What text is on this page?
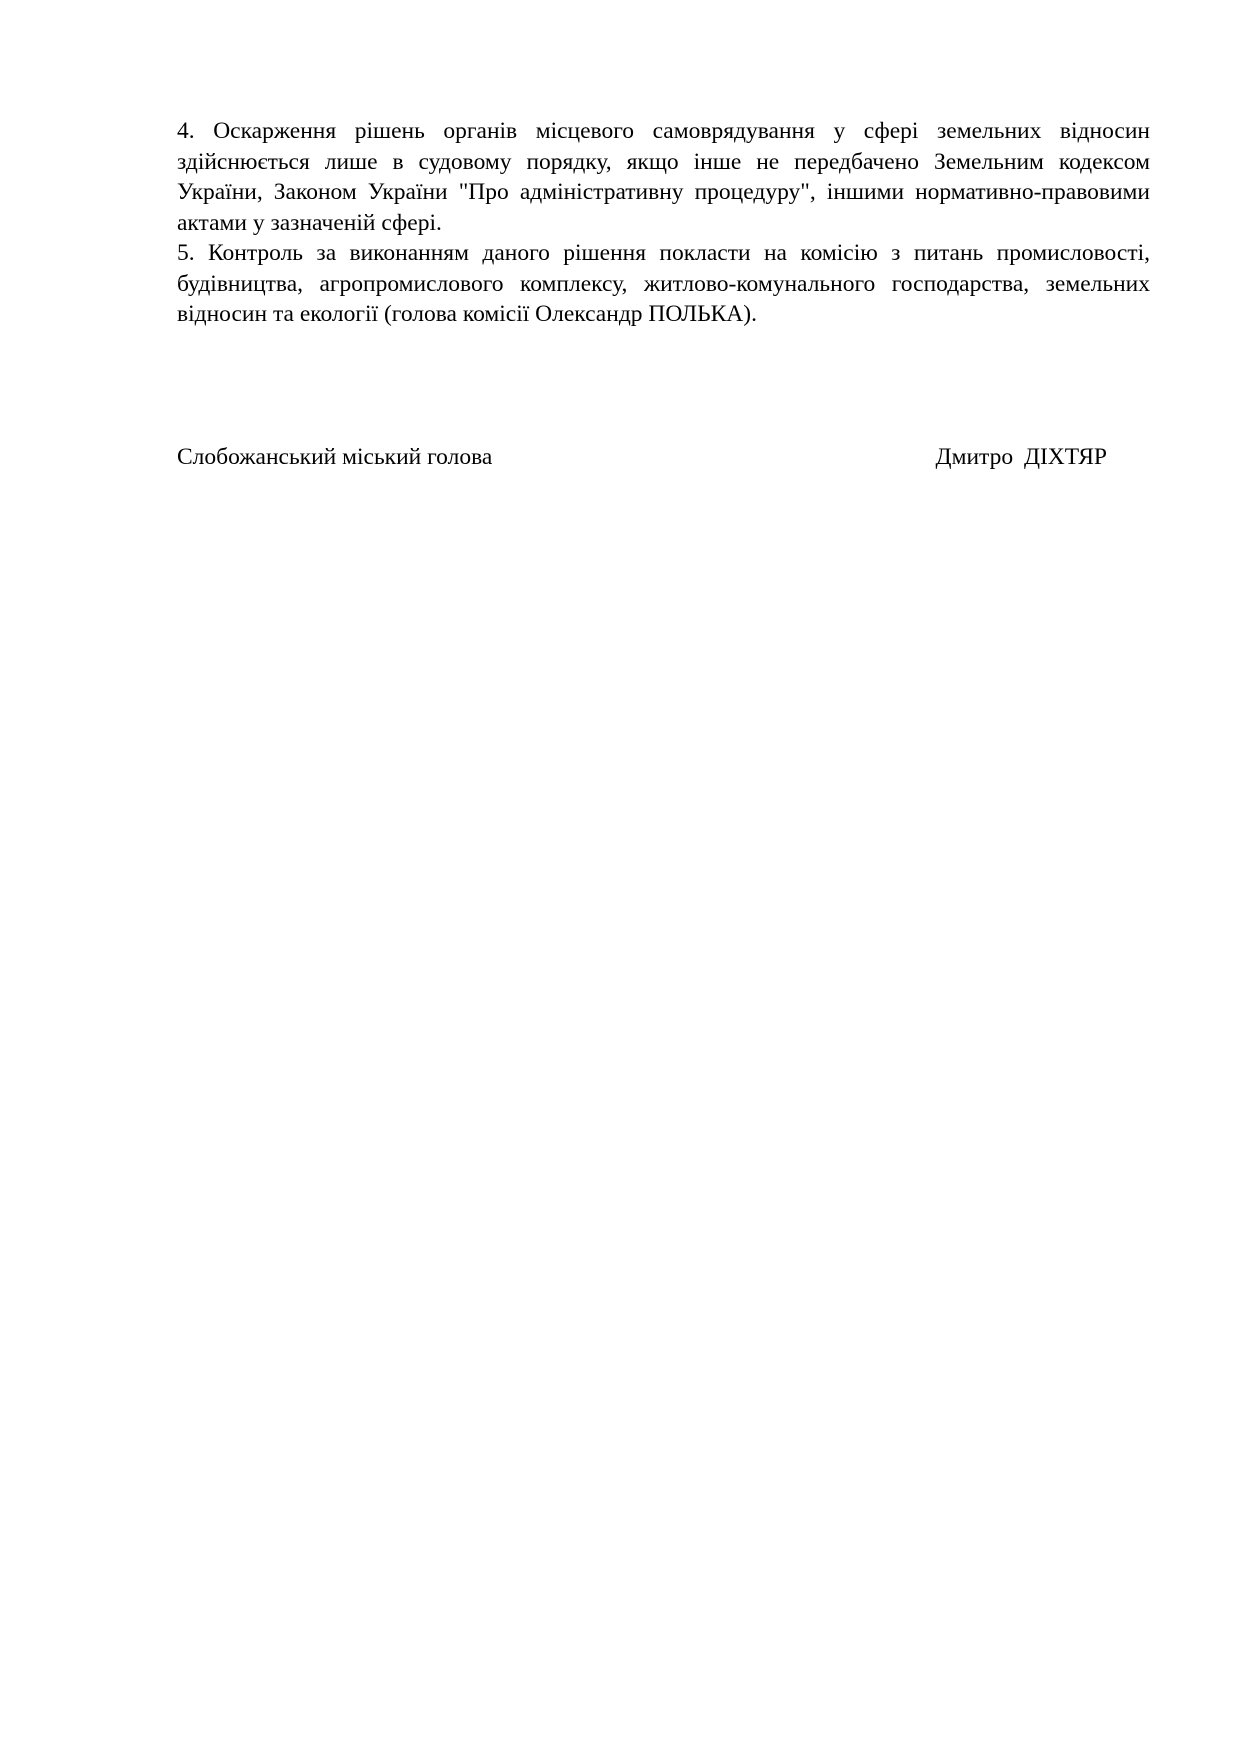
4. Оскарження рішень органів місцевого самоврядування у сфері земельних відносин здійснюється лише в судовому порядку, якщо інше не передбачено Земельним кодексом України, Законом України "Про адміністративну процедуру", іншими нормативно-правовими актами у зазначеній сфері.

5. Контроль за виконанням даного рішення покласти на комісію з питань промисловості, будівництва, агропромислового комплексу, житлово-комунального господарства, земельних відносин та екології (голова комісії Олександр ПОЛЬКА).

Слобожанський міський голова	Дмитро ДІХТЯР
